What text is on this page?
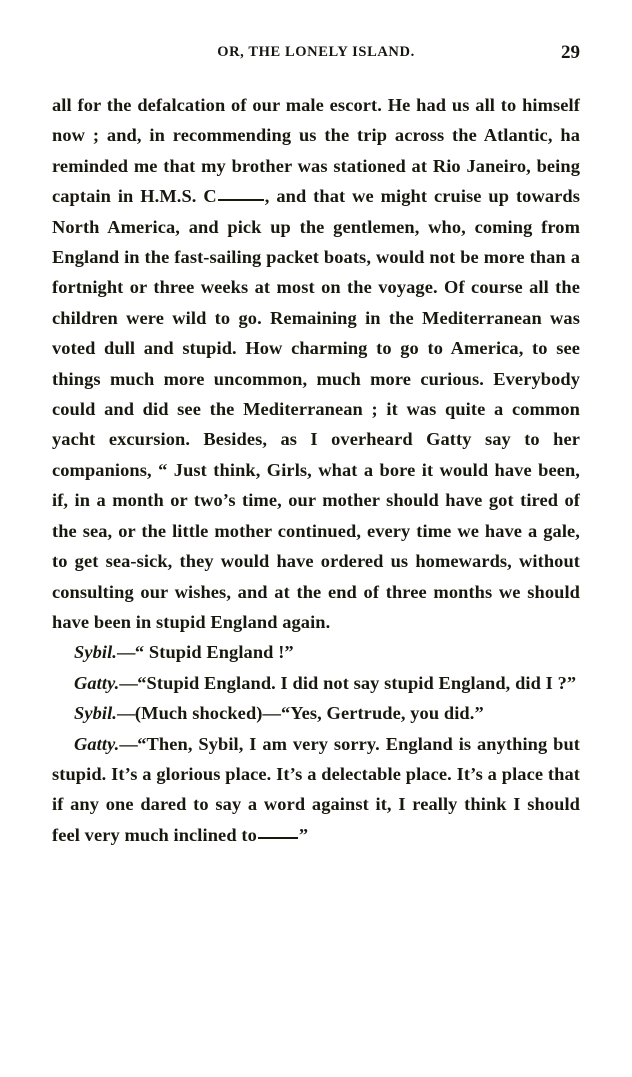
OR, THE LONELY ISLAND.	29

all for the defalcation of our male escort. He had us all to himself now ; and, in recommending us the trip across the Atlantic, ha reminded me that my brother was stationed at Rio Janeiro, being captain in H.M.S. C	, and that we might cruise up towards North America, and pick up the gentlemen, who, coming from England in the fast-sailing packet boats, would not be more than a fortnight or three weeks at most on the voyage. Of course all the children were wild to go. Remaining in the Mediterranean was voted dull and stupid. How charming to go to America, to see things much more uncommon, much more curious. Everybody could and did see the Mediterranean ; it was quite a common yacht excursion. Besides, as I overheard Gatty say to her companions, “ Just think, Girls, what a bore it would have been, if, in a month or two’s time, our mother should have got tired of the sea, or the little mother continued, every time we have a gale, to get sea-sick, they would have ordered us homewards, without consulting our wishes, and at the end of three months we should have been in stupid England again.

Sybil.—“ Stupid England !”

Gatty.—“Stupid England. I did not say stupid England, did I ?”

Sybil.—(Much shocked)—“Yes, Gertrude, you did.”

Gatty.—“Then, Sybil, I am very sorry. England is anything but stupid. It’s a glorious place. It’s a delectable place. It’s a place that if any one dared to say a word against it, I really think I should feel very much inclined to ”
